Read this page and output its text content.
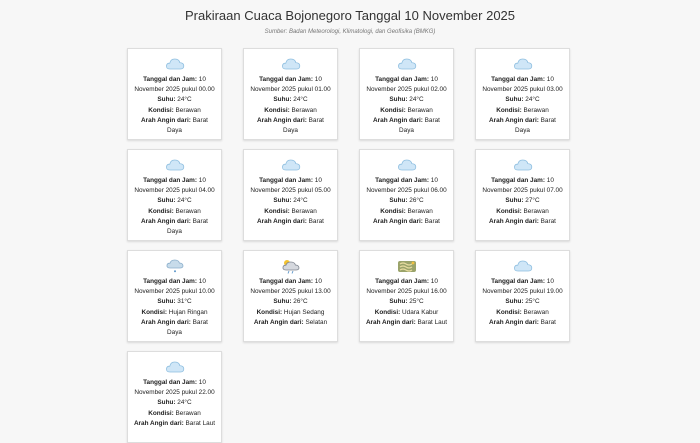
Prakiraan Cuaca Bojonegoro Tanggal 10 November 2025
Sumber: Badan Meteorologi, Klimatologi, dan Geofisika (BMKG)
Tanggal dan Jam: 10
November 2025 pukul 00.00
Suhu: 24°C
Kondisi: Berawan
Arah Angin dari: Barat
Daya
Tanggal dan Jam: 10
November 2025 pukul 01.00
Suhu: 24°C
Kondisi: Berawan
Arah Angin dari: Barat
Daya
Tanggal dan Jam: 10
November 2025 pukul 02.00
Suhu: 24°C
Kondisi: Berawan
Arah Angin dari: Barat
Daya
Tanggal dan Jam: 10
November 2025 pukul 03.00
Suhu: 24°C
Kondisi: Berawan
Arah Angin dari: Barat
Daya
Tanggal dan Jam: 10
November 2025 pukul 04.00
Suhu: 24°C
Kondisi: Berawan
Arah Angin dari: Barat
Daya
Tanggal dan Jam: 10
November 2025 pukul 05.00
Suhu: 24°C
Kondisi: Berawan
Arah Angin dari: Barat
Tanggal dan Jam: 10
November 2025 pukul 06.00
Suhu: 26°C
Kondisi: Berawan
Arah Angin dari: Barat
Tanggal dan Jam: 10
November 2025 pukul 07.00
Suhu: 27°C
Kondisi: Berawan
Arah Angin dari: Barat
Tanggal dan Jam: 10
November 2025 pukul 10.00
Suhu: 31°C
Kondisi: Hujan Ringan
Arah Angin dari: Barat
Daya
Tanggal dan Jam: 10
November 2025 pukul 13.00
Suhu: 26°C
Kondisi: Hujan Sedang
Arah Angin dari: Selatan
Tanggal dan Jam: 10
November 2025 pukul 16.00
Suhu: 25°C
Kondisi: Udara Kabur
Arah Angin dari: Barat Laut
Tanggal dan Jam: 10
November 2025 pukul 19.00
Suhu: 25°C
Kondisi: Berawan
Arah Angin dari: Barat
Tanggal dan Jam: 10
November 2025 pukul 22.00
Suhu: 24°C
Kondisi: Berawan
Arah Angin dari: Barat Laut
